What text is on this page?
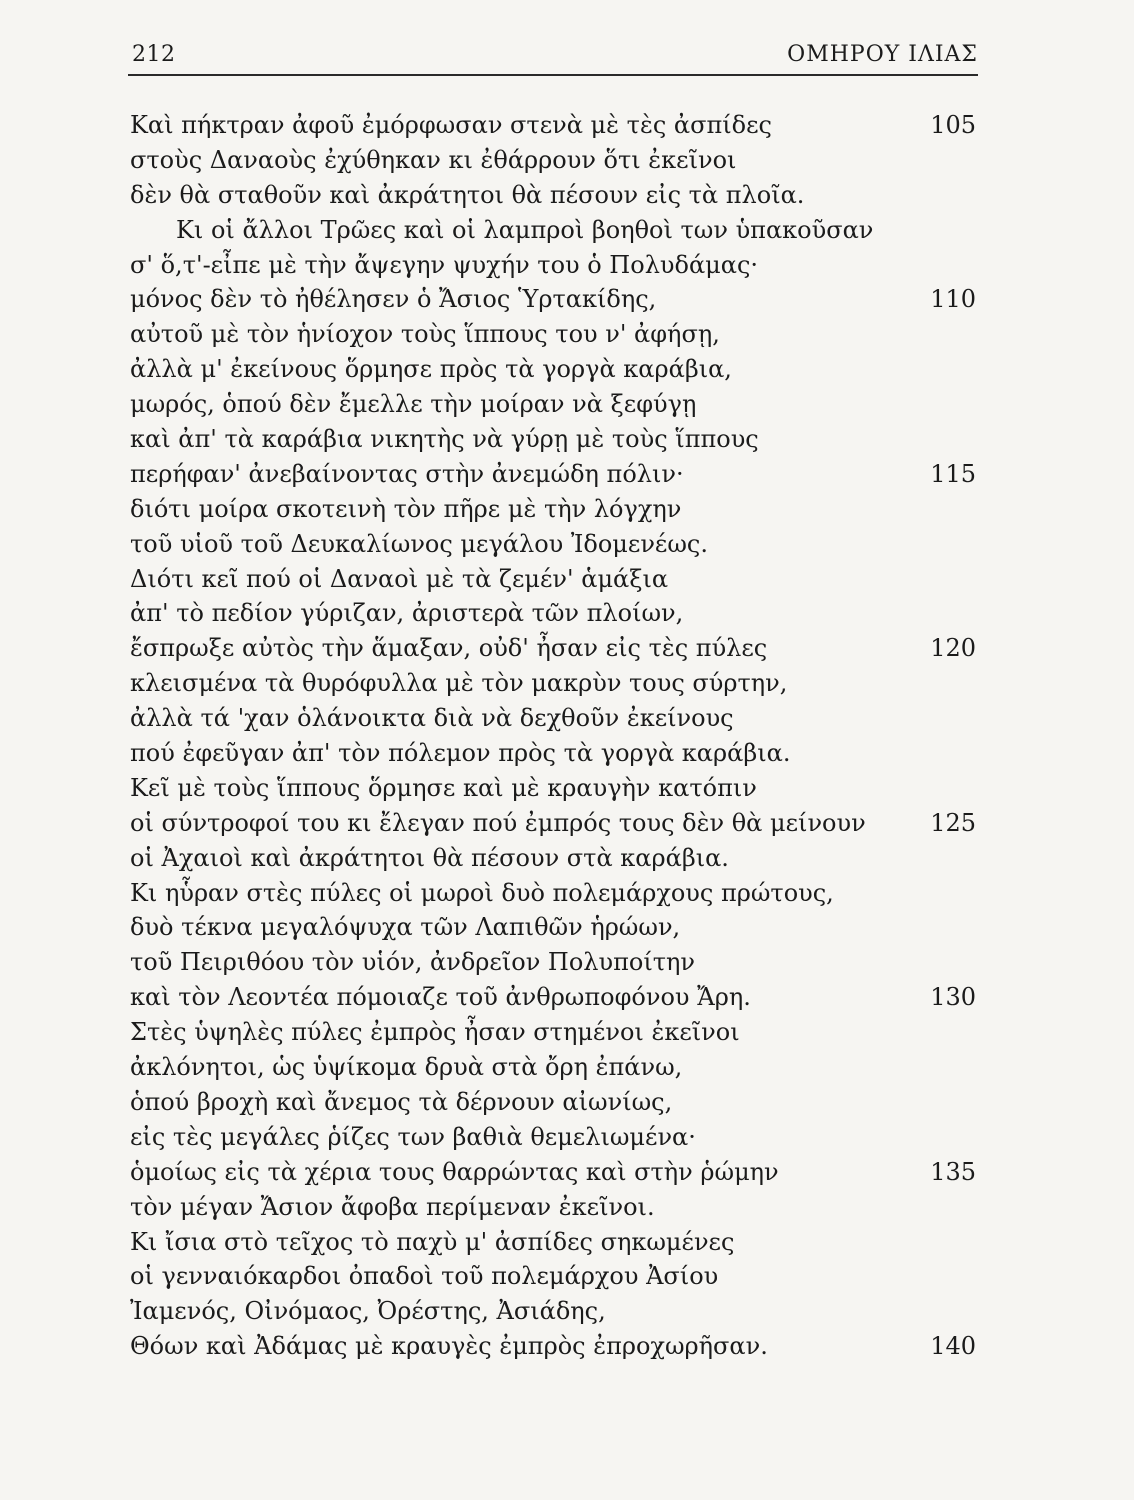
212	ΟΜΗΡΟΥ ΙΛΙΑΣ
Καὶ πήκτραν ἀφοῦ ἐμόρφωσαν στενὰ μὲ τὲς ἀσπίδες	105
στοὺς Δαναοὺς ἐχύθηκαν κι ἐθάρρουν ὅτι ἐκεῖνοι
δὲν θὰ σταθοῦν καὶ ἀκράτητοι θὰ πέσουν εἰς τὰ πλοῖα.
Κι οἱ ἄλλοι Τρῶες καὶ οἱ λαμπροὶ βοηθοὶ των ὑπακοῦσαν
σ' ὅ,τ'-εἶπε μὲ τὴν ἄψεγην ψυχήν του ὁ Πολυδάμας·
μόνος δὲν τὸ ἠθέλησεν ὁ Ἄσιος Ὑρτακίδης,	110
αὐτοῦ μὲ τὸν ἡνίοχον τοὺς ἵππους του ν' ἀφήσῃ,
ἀλλὰ μ' ἐκείνους ὅρμησε πρὸς τὰ γοργὰ καράβια,
μωρός, ὁπού δὲν ἔμελλε τὴν μοίραν νὰ ξεφύγῃ
καὶ ἀπ' τὰ καράβια νικητὴς νὰ γύρῃ μὲ τοὺς ἵππους
περήφαν' ἀνεβαίνοντας στὴν ἀνεμώδη πόλιν·	115
διότι μοίρα σκοτεινὴ τὸν πῆρε μὲ τὴν λόγχην
τοῦ υἱοῦ τοῦ Δευκαλίωνος μεγάλου Ἰδομενέως.
Διότι κεῖ πού οἱ Δαναοὶ μὲ τὰ ζεμέν' ἁμάξια
ἀπ' τὸ πεδίον γύριζαν, ἀριστερὰ τῶν πλοίων,
ἔσπρωξε αὐτὸς τὴν ἅμαξαν, οὐδ' ἦσαν εἰς τὲς πύλες	120
κλεισμένα τὰ θυρόφυλλα μὲ τὸν μακρὺν τους σύρτην,
ἀλλὰ τά 'χαν ὁλάνοικτα διὰ νὰ δεχθοῦν ἐκείνους
πού ἐφεῦγαν ἀπ' τὸν πόλεμον πρὸς τὰ γοργὰ καράβια.
Κεῖ μὲ τοὺς ἵππους ὅρμησε καὶ μὲ κραυγὴν κατόπιν
οἱ σύντροφοί του κι ἔλεγαν πού ἐμπρός τους δὲν θὰ μείνουν	125
οἱ Ἀχαιοὶ καὶ ἀκράτητοι θὰ πέσουν στὰ καράβια.
Κι ηὗραν στὲς πύλες οἱ μωροὶ δυὸ πολεμάρχους πρώτους,
δυὸ τέκνα μεγαλόψυχα τῶν Λαπιθῶν ἡρώων,
τοῦ Πειριθόου τὸν υἱόν, ἀνδρεῖον Πολυποίτην
καὶ τὸν Λεοντέα πόμοιαζε τοῦ ἀνθρωποφόνου Ἄρη.	130
Στὲς ὑψηλὲς πύλες ἐμπρὸς ἦσαν στημένοι ἐκεῖνοι
ἀκλόνητοι, ὡς ὑψίκομα δρυὰ στὰ ὄρη ἐπάνω,
ὁπού βροχὴ καὶ ἄνεμος τὰ δέρνουν αἰωνίως,
εἰς τὲς μεγάλες ῥίζες των βαθιὰ θεμελιωμένα·
ὁμοίως εἰς τὰ χέρια τους θαρρώντας καὶ στὴν ῥώμην	135
τὸν μέγαν Ἄσιον ἄφοβα περίμεναν ἐκεῖνοι.
Κι ἴσια στὸ τεῖχος τὸ παχὺ μ' ἀσπίδες σηκωμένες
οἱ γενναιόκαρδοι ὀπαδοὶ τοῦ πολεμάρχου Ἀσίου
Ἰαμενός, Οἰνόμαος, Ὀρέστης, Ἀσιάδης,
Θόων καὶ Ἀδάμας μὲ κραυγὲς ἐμπρὸς ἐπροχωρῆσαν.	140
